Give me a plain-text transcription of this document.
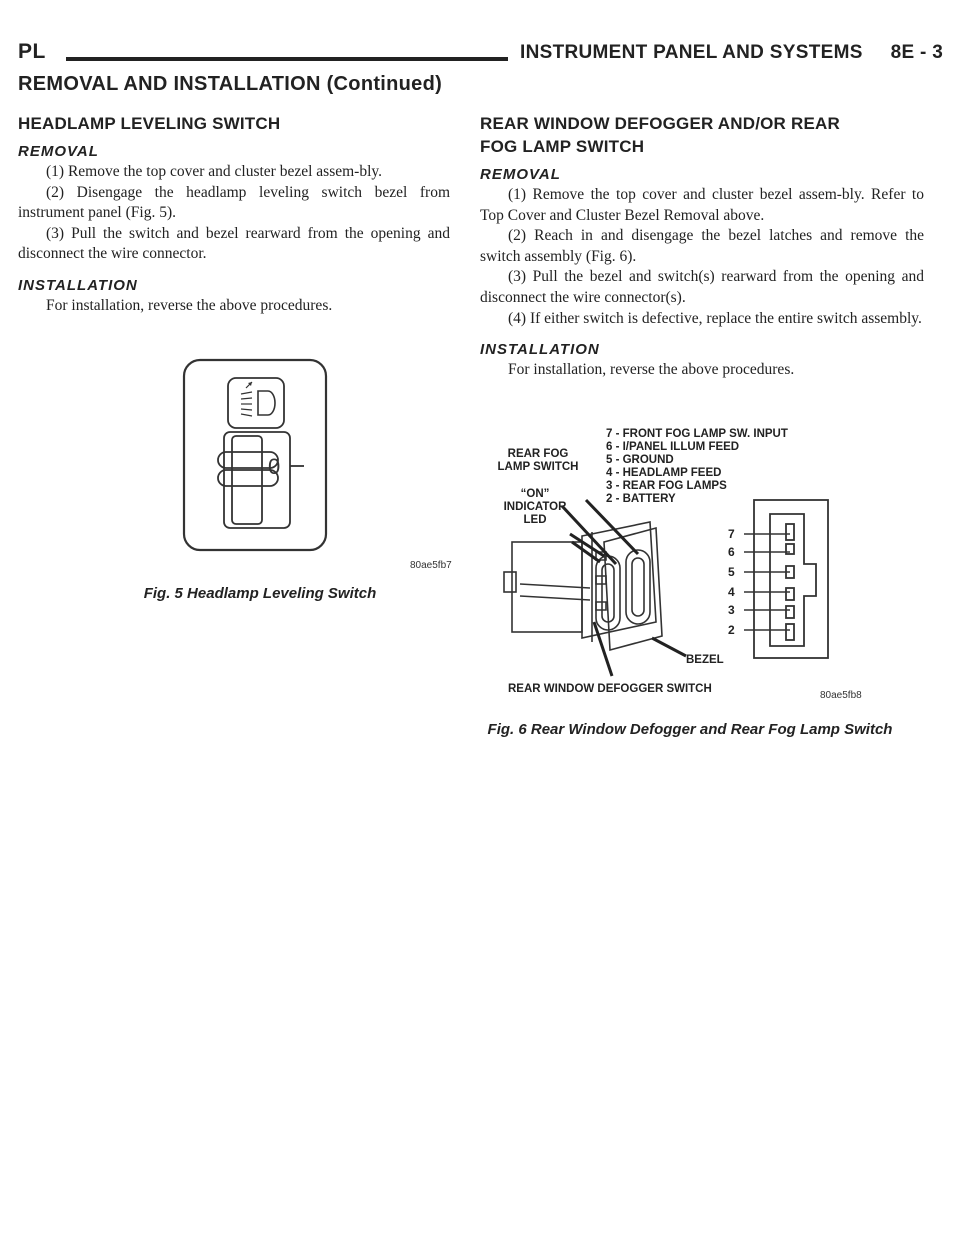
PL	INSTRUMENT PANEL AND SYSTEMS     8E - 3
REMOVAL AND INSTALLATION (Continued)
HEADLAMP LEVELING SWITCH
REMOVAL

(1) Remove the top cover and cluster bezel assem-bly.

(2) Disengage the headlamp leveling switch bezel from instrument panel (Fig. 5).

(3) Pull the switch and bezel rearward from the opening and disconnect the wire connector.

INSTALLATION

For installation, reverse the above procedures.

0
80ae5fb7
Fig. 5 Headlamp Leveling Switch
REAR WINDOW DEFOGGER AND/OR REAR FOG LAMP SWITCH
REMOVAL

(1) Remove the top cover and cluster bezel assem-bly. Refer to Top Cover and Cluster Bezel Removal above.

(2) Reach in and disengage the bezel latches and remove the switch assembly (Fig. 6).

(3) Pull the bezel and switch(s) rearward from the opening and disconnect the wire connector(s).

(4) If either switch is defective, replace the entire switch assembly.

INSTALLATION

For installation, reverse the above procedures.

REAR FOG
LAMP SWITCH
“ON”
INDICATOR
LED
7 - FRONT FOG LAMP SW. INPUT
6 - I/PANEL ILLUM FEED
5 - GROUND
4 - HEADLAMP FEED
3 - REAR FOG LAMPS
2 - BATTERY
7
6
5
4
3
2
BEZEL
REAR WINDOW DEFOGGER SWITCH
80ae5fb8
Fig. 6 Rear Window Defogger and Rear Fog Lamp Switch
